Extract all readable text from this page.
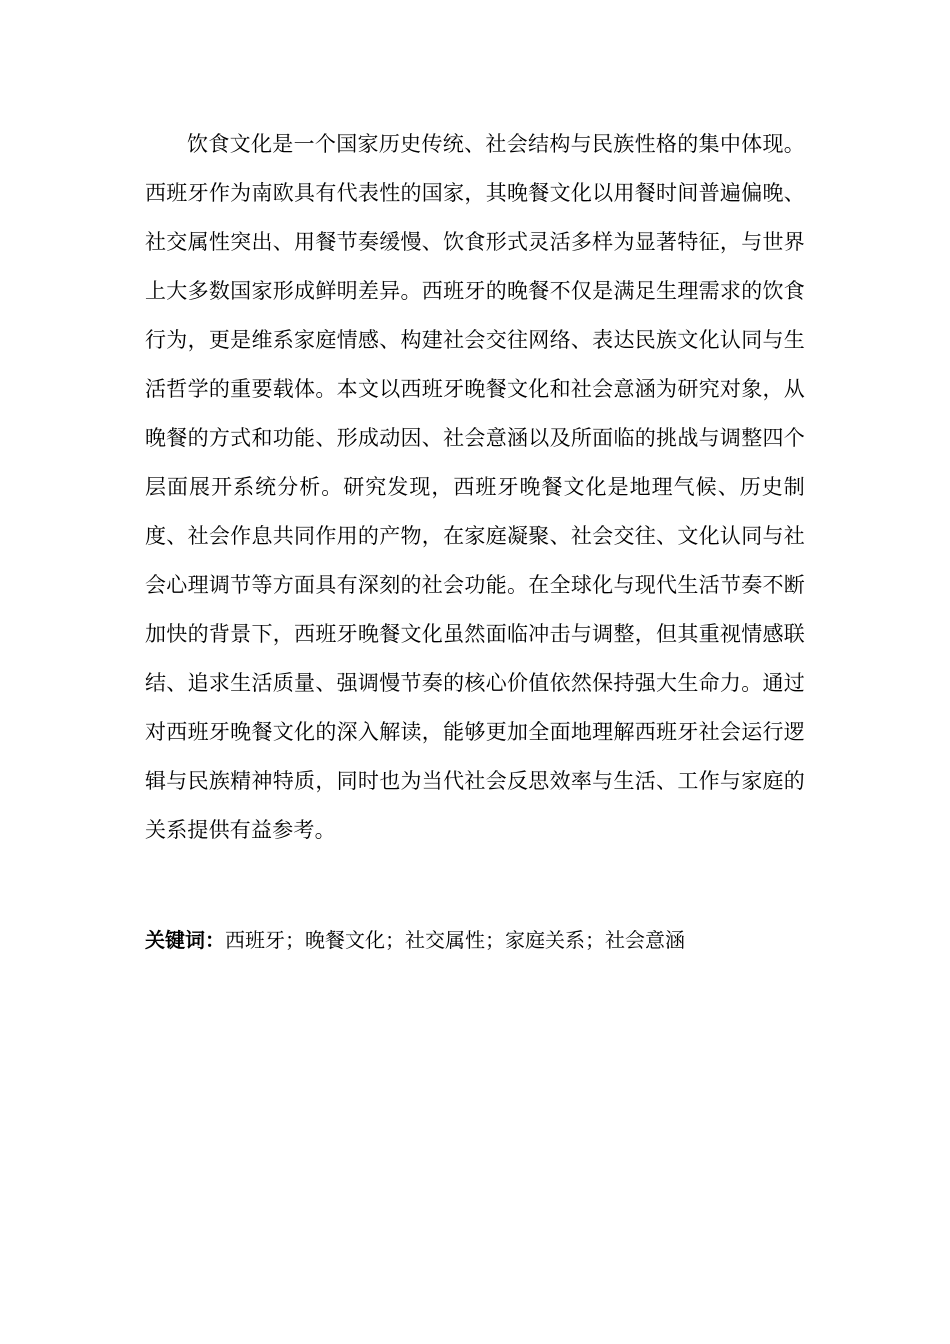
饮食文化是一个国家历史传统、社会结构与民族性格的集中体现。西班牙作为南欧具有代表性的国家，其晚餐文化以用餐时间普遍偏晚、社交属性突出、用餐节奏缓慢、饮食形式灵活多样为显著特征，与世界上大多数国家形成鲜明差异。西班牙的晚餐不仅是满足生理需求的饮食行为，更是维系家庭情感、构建社会交往网络、表达民族文化认同与生活哲学的重要载体。本文以西班牙晚餐文化和社会意涵为研究对象，从晚餐的方式和功能、形成动因、社会意涵以及所面临的挑战与调整四个层面展开系统分析。研究发现，西班牙晚餐文化是地理气候、历史制度、社会作息共同作用的产物，在家庭凝聚、社会交往、文化认同与社会心理调节等方面具有深刻的社会功能。在全球化与现代生活节奏不断加快的背景下，西班牙晚餐文化虽然面临冲击与调整，但其重视情感联结、追求生活质量、强调慢节奏的核心价值依然保持强大生命力。通过对西班牙晚餐文化的深入解读，能够更加全面地理解西班牙社会运行逻辑与民族精神特质，同时也为当代社会反思效率与生活、工作与家庭的关系提供有益参考。

关键词：西班牙；晚餐文化；社交属性；家庭关系；社会意涵
